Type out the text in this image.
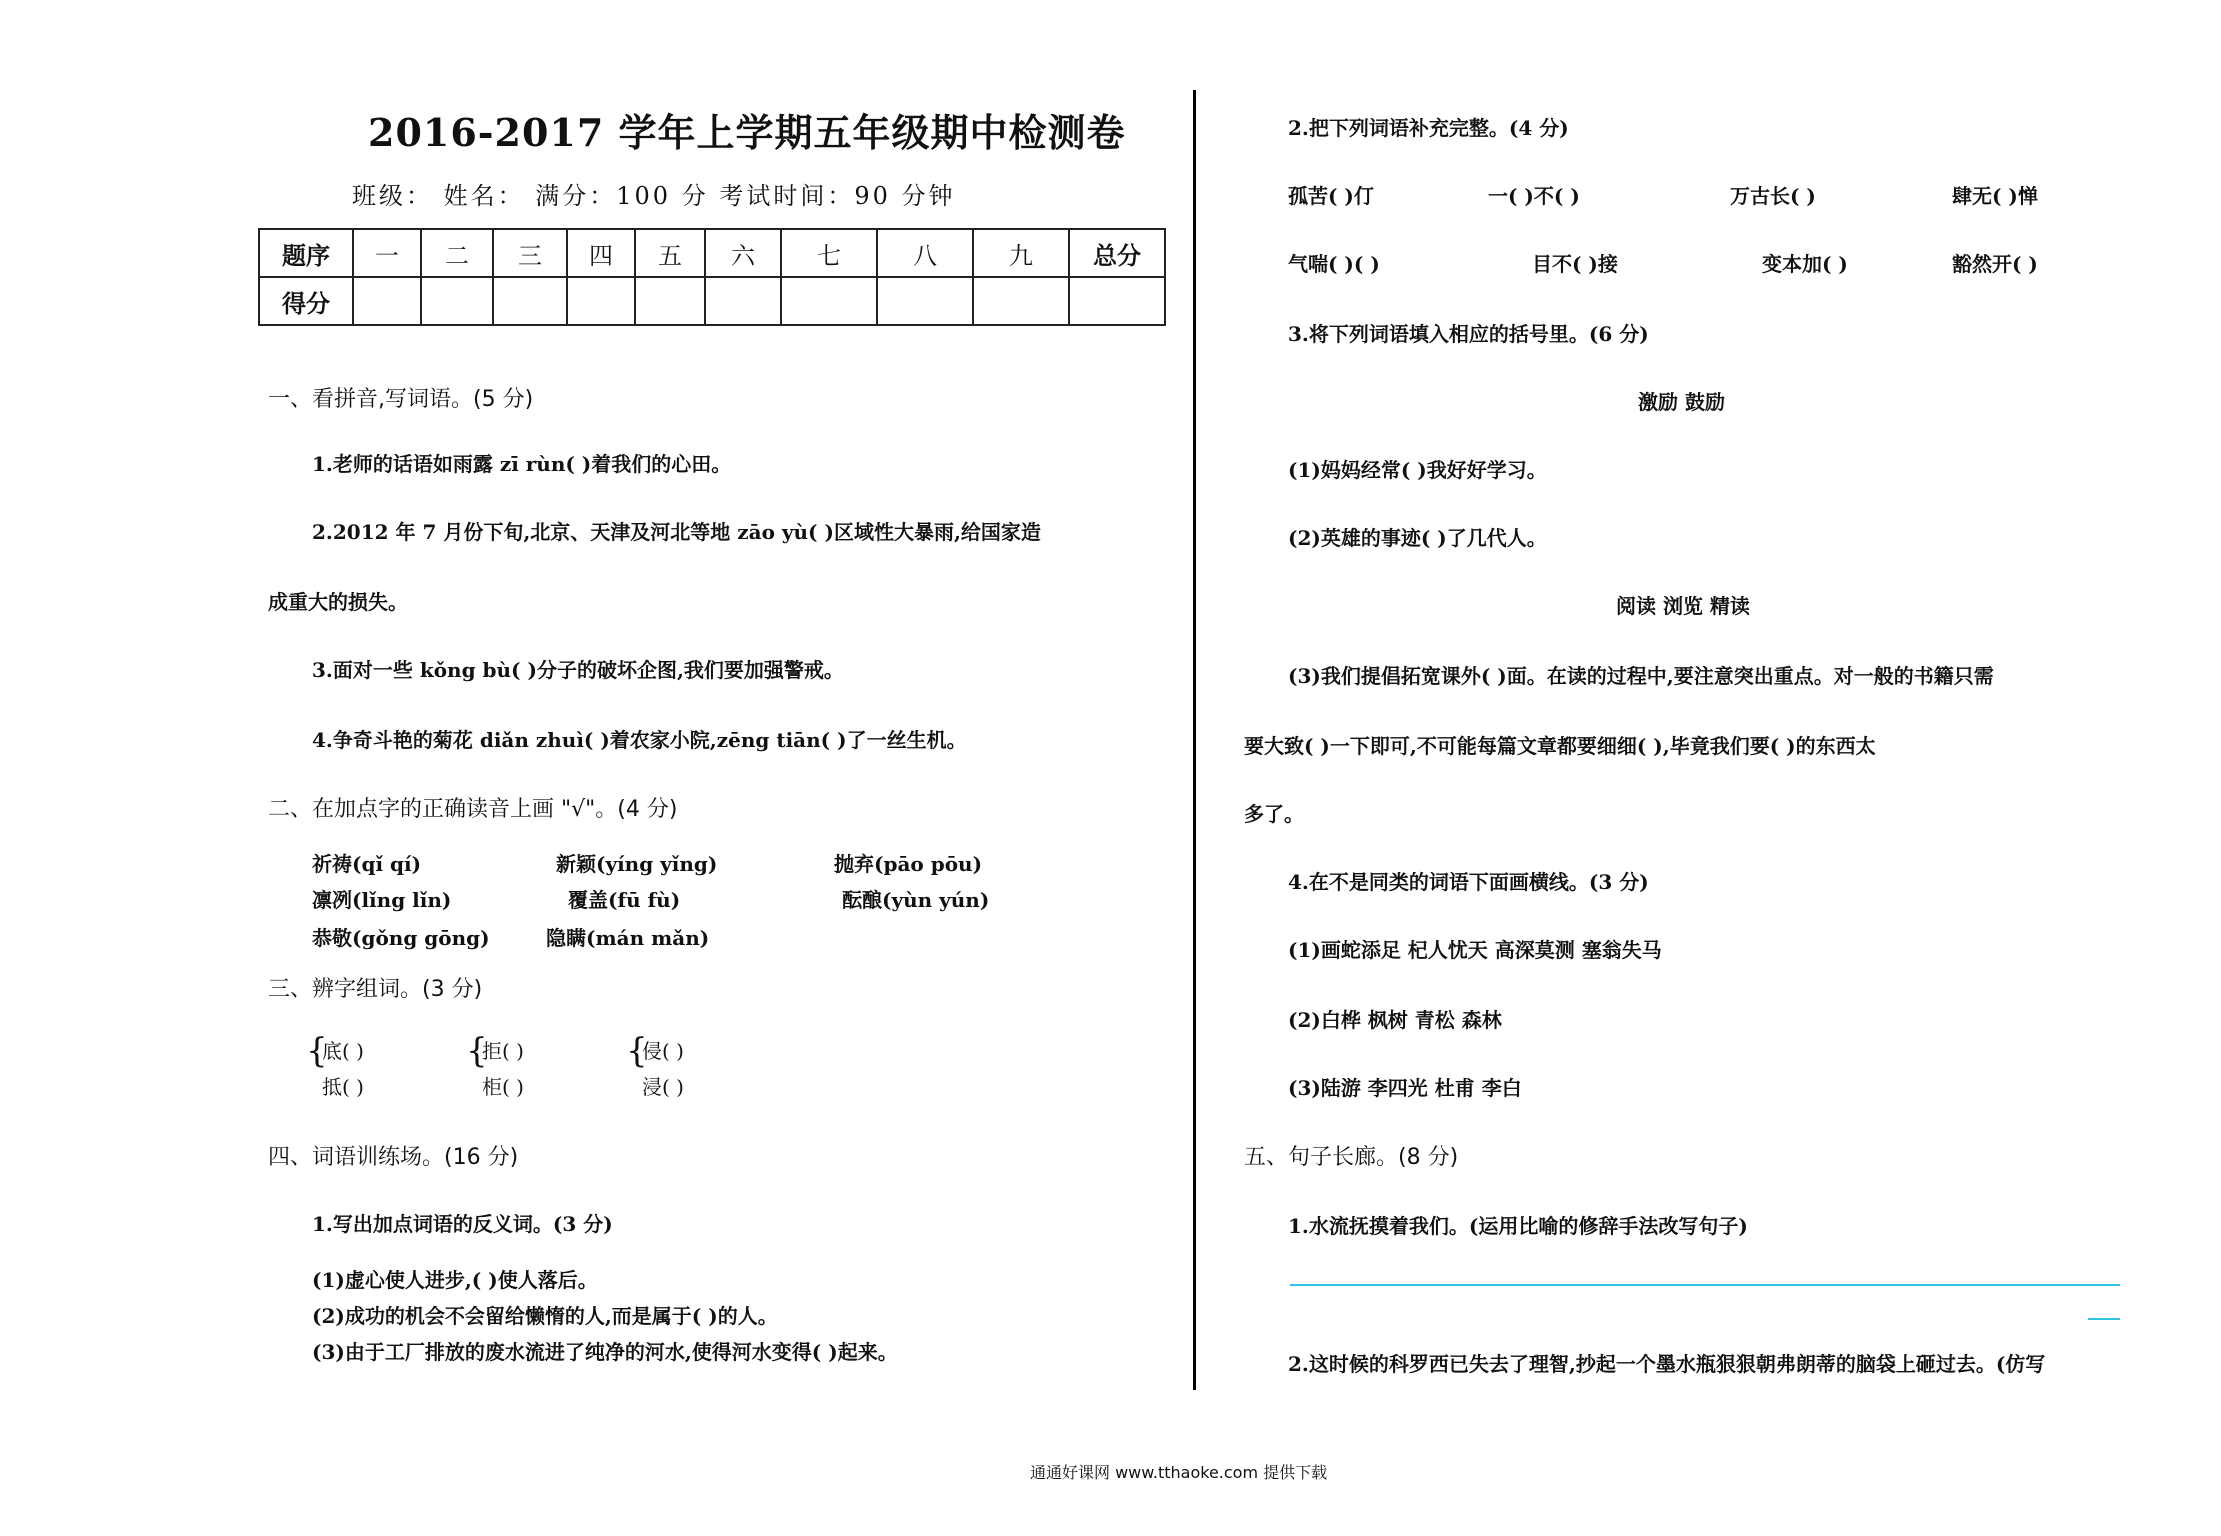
2016-2017 学年上学期五年级期中检测卷
班级： 姓名： 满分：100 分 考试时间：90 分钟
题序	一	二	三	四	五	六	七	八	九	总分
得分										
一、看拼音,写词语。(5 分)
1.老师的话语如雨露 zī rùn( )着我们的心田。
2.2012 年 7 月份下旬,北京、天津及河北等地 zāo yù( )区域性大暴雨,给国家造
成重大的损失。
3.面对一些 kǒng bù( )分子的破坏企图,我们要加强警戒。
4.争奇斗艳的菊花 diǎn zhuì( )着农家小院,zēng tiān( )了一丝生机。
二、在加点字的正确读音上画 "√"。(4 分)
祈祷(qǐ qí)	新颖(yíng yǐng)	抛弃(pāo pōu)
凛冽(lǐng lǐn)	覆盖(fū fù)	酝酿(yùn yún)
恭敬(gǒng gōng)	隐瞒(mán mǎn)
三、辨字组词。(3 分)
{
底( )
抵( )
{
拒( )
柜( )
{
侵( )
浸( )
四、词语训练场。(16 分)
1.写出加点词语的反义词。(3 分)
(1)虚心使人进步,( )使人落后。
(2)成功的机会不会留给懒惰的人,而是属于( )的人。
(3)由于工厂排放的废水流进了纯净的河水,使得河水变得( )起来。
2.把下列词语补充完整。(4 分)
孤苦( )仃	一( )不( )	万古长( )	肆无( )惮
气喘( )( )	目不( )接	变本加( )	豁然开( )
3.将下列词语填入相应的括号里。(6 分)
激励 鼓励
(1)妈妈经常( )我好好学习。
(2)英雄的事迹( )了几代人。
阅读 浏览 精读
(3)我们提倡拓宽课外( )面。在读的过程中,要注意突出重点。对一般的书籍只需
要大致( )一下即可,不可能每篇文章都要细细( ),毕竟我们要( )的东西太
多了。
4.在不是同类的词语下面画横线。(3 分)
(1)画蛇添足 杞人忧天 高深莫测 塞翁失马
(2)白桦 枫树 青松 森林
(3)陆游 李四光 杜甫 李白
五、句子长廊。(8 分)
1.水流抚摸着我们。(运用比喻的修辞手法改写句子)
2.这时候的科罗西已失去了理智,抄起一个墨水瓶狠狠朝弗朗蒂的脑袋上砸过去。(仿写
通通好课网 www.tthaoke.com 提供下载
